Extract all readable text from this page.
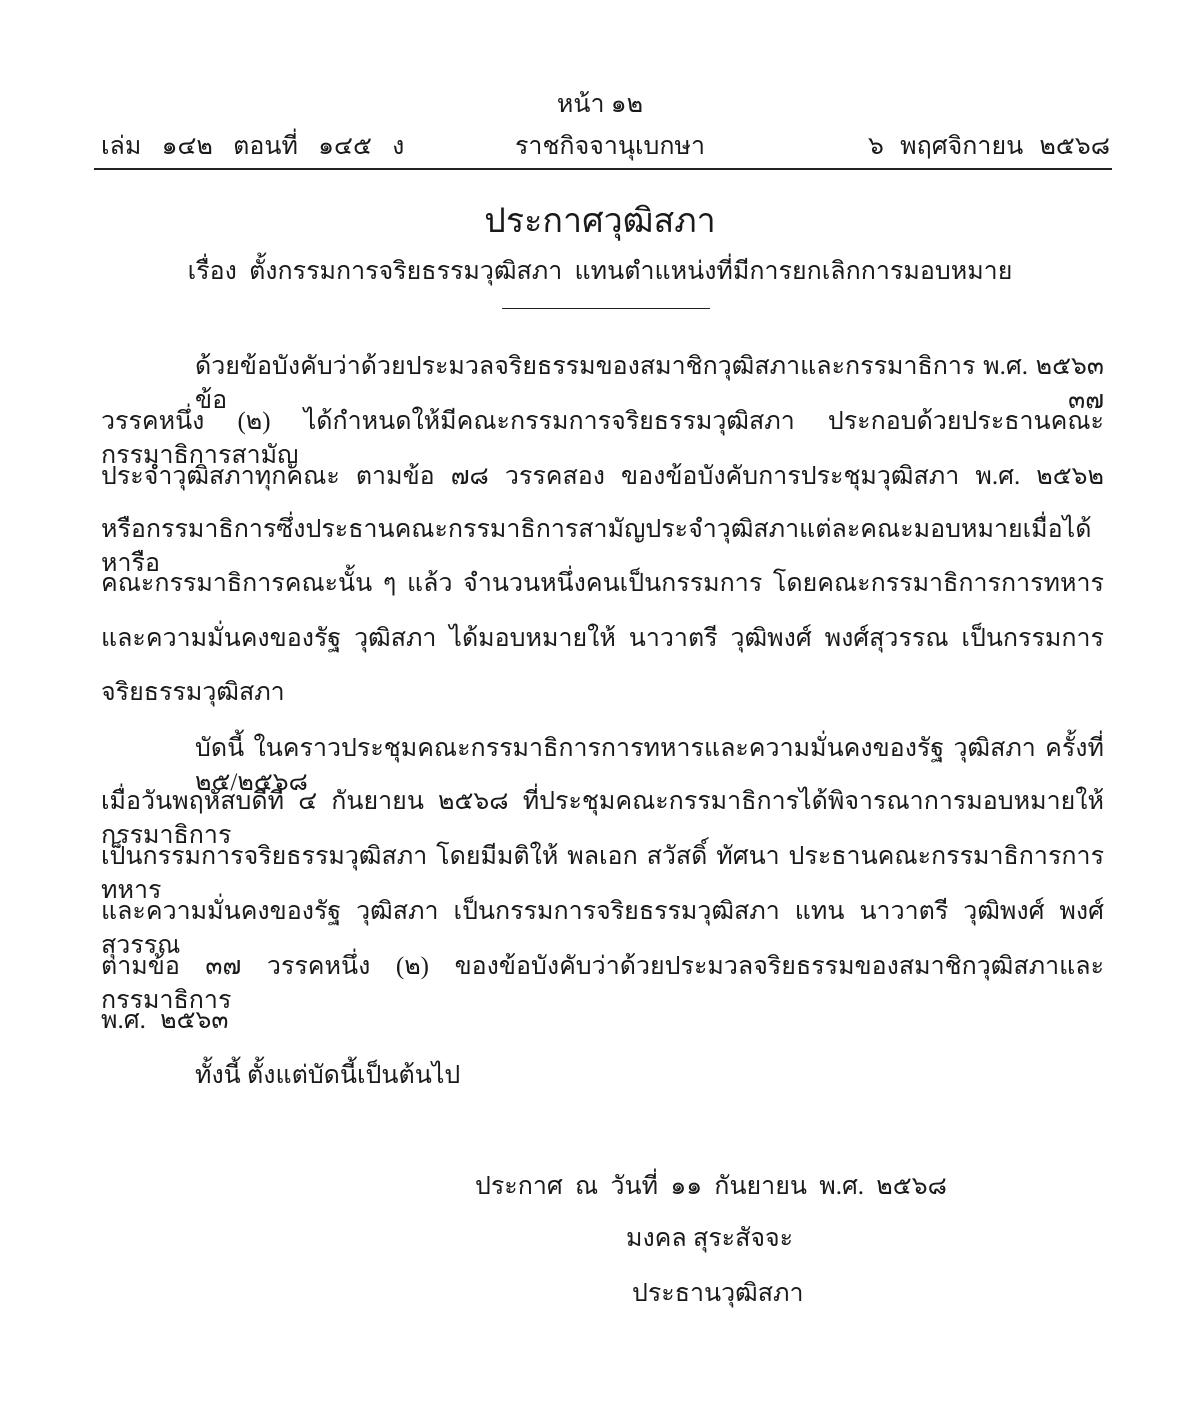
หน้า ๑๒
เล่ม ๑๔๒ ตอนที่ ๑๔๕ ง	ราชกิจจานุเบกษา	๖ พฤศจิกายน ๒๕๖๘
ประกาศวุฒิสภา
เรื่อง ตั้งกรรมการจริยธรรมวุฒิสภา แทนตำแหน่งที่มีการยกเลิกการมอบหมาย
ด้วยข้อบังคับว่าด้วยประมวลจริยธรรมของสมาชิกวุฒิสภาและกรรมาธิการ พ.ศ. ๒๕๖๓ ข้อ ๓๗
วรรคหนึ่ง (๒) ได้กำหนดให้มีคณะกรรมการจริยธรรมวุฒิสภา ประกอบด้วยประธานคณะกรรมาธิการสามัญ
ประจำวุฒิสภาทุกคณะ ตามข้อ ๗๘ วรรคสอง ของข้อบังคับการประชุมวุฒิสภา พ.ศ. ๒๕๖๒
หรือกรรมาธิการซึ่งประธานคณะกรรมาธิการสามัญประจำวุฒิสภาแต่ละคณะมอบหมายเมื่อได้หารือ
คณะกรรมาธิการคณะนั้น ๆ แล้ว จำนวนหนึ่งคนเป็นกรรมการ โดยคณะกรรมาธิการการทหาร
และความมั่นคงของรัฐ วุฒิสภา ได้มอบหมายให้ นาวาตรี วุฒิพงศ์ พงศ์สุวรรณ เป็นกรรมการ
จริยธรรมวุฒิสภา
บัดนี้ ในคราวประชุมคณะกรรมาธิการการทหารและความมั่นคงของรัฐ วุฒิสภา ครั้งที่ ๒๕/๒๕๖๘
เมื่อวันพฤหัสบดีที่ ๔ กันยายน ๒๕๖๘ ที่ประชุมคณะกรรมาธิการได้พิจารณาการมอบหมายให้กรรมาธิการ
เป็นกรรมการจริยธรรมวุฒิสภา โดยมีมติให้ พลเอก สวัสดิ์ ทัศนา ประธานคณะกรรมาธิการการทหาร
และความมั่นคงของรัฐ วุฒิสภา เป็นกรรมการจริยธรรมวุฒิสภา แทน นาวาตรี วุฒิพงศ์ พงศ์สุวรรณ
ตามข้อ ๓๗ วรรคหนึ่ง (๒) ของข้อบังคับว่าด้วยประมวลจริยธรรมของสมาชิกวุฒิสภาและกรรมาธิการ
พ.ศ. ๒๕๖๓
ทั้งนี้ ตั้งแต่บัดนี้เป็นต้นไป
ประกาศ ณ วันที่ ๑๑ กันยายน พ.ศ. ๒๕๖๘
มงคล สุระสัจจะ
ประธานวุฒิสภา
